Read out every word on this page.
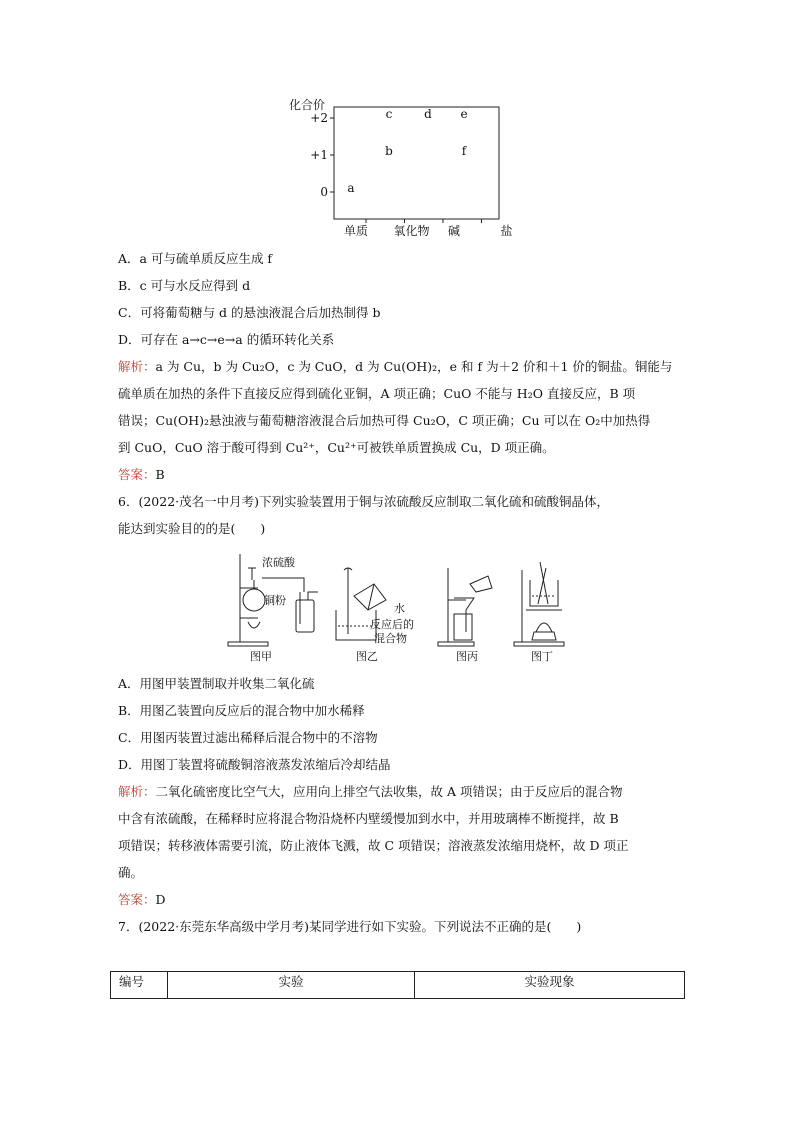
化合价
+2
+1
0
单质 氧化物 碱	盐
a
b
c	d e
f
A．a 可与硫单质反应生成 f
B．c 可与水反应得到 d
C．可将葡萄糖与 d 的悬浊液混合后加热制得 b
D．可存在 a→c→e→a 的循环转化关系
解析：a 为 Cu，b 为 Cu₂O，c 为 CuO，d 为 Cu(OH)₂，e 和 f 为＋2 价和＋1 价的铜盐。铜能与
硫单质在加热的条件下直接反应得到硫化亚铜，A 项正确；CuO 不能与 H₂O 直接反应，B 项
错误；Cu(OH)₂悬浊液与葡萄糖溶液混合后加热可得 Cu₂O，C 项正确；Cu 可以在 O₂中加热得
到 CuO，CuO 溶于酸可得到 Cu²⁺，Cu²⁺可被铁单质置换成 Cu，D 项正确。
答案：B
6．(2022·茂名一中月考)下列实验装置用于铜与浓硫酸反应制取二氧化硫和硫酸铜晶体，
能达到实验目的的是(　　)
浓硫酸
铜粉
图甲
水
反应后的
混合物
图乙	图丙	图丁
A．用图甲装置制取并收集二氧化硫
B．用图乙装置向反应后的混合物中加水稀释
C．用图丙装置过滤出稀释后混合物中的不溶物
D．用图丁装置将硫酸铜溶液蒸发浓缩后冷却结晶
解析：二氧化硫密度比空气大，应用向上排空气法收集，故 A 项错误；由于反应后的混合物
中含有浓硫酸，在稀释时应将混合物沿烧杯内壁缓慢加到水中，并用玻璃棒不断搅拌，故 B
项错误；转移液体需要引流，防止液体飞溅，故 C 项错误；溶液蒸发浓缩用烧杯，故 D 项正
确。
答案：D
7．(2022·东莞东华高级中学月考)某同学进行如下实验。下列说法不正确的是(　　)
编号	实验	实验现象
